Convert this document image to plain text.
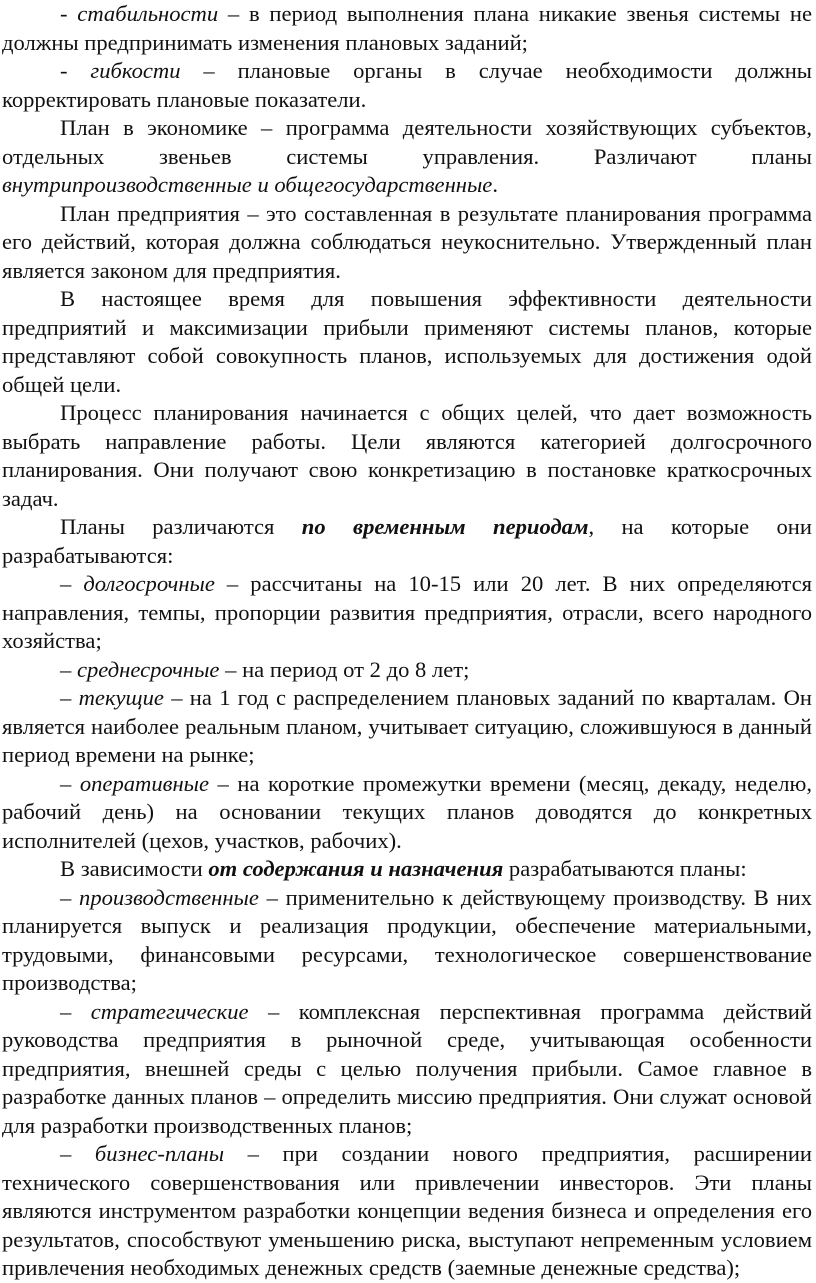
- стабильности – в период выполнения плана никакие звенья системы не должны предпринимать изменения плановых заданий;

- гибкости – плановые органы в случае необходимости должны корректировать плановые показатели.

План в экономике – программа деятельности хозяйствующих субъектов, отдельных звеньев системы управления. Различают планы внутрипроизводственные и общегосударственные.

План предприятия – это составленная в результате планирования программа его действий, которая должна соблюдаться неукоснительно. Утвержденный план является законом для предприятия.

В настоящее время для повышения эффективности деятельности предприятий и максимизации прибыли применяют системы планов, которые представляют собой совокупность планов, используемых для достижения одой общей цели.

Процесс планирования начинается с общих целей, что дает возможность выбрать направление работы. Цели являются категорией долгосрочного планирования. Они получают свою конкретизацию в постановке краткосрочных задач.

Планы различаются по временным периодам, на которые они разрабатываются:

– долгосрочные – рассчитаны на 10-15 или 20 лет. В них определяются направления, темпы, пропорции развития предприятия, отрасли, всего народного хозяйства;

– среднесрочные – на период от 2 до 8 лет;

– текущие – на 1 год с распределением плановых заданий по кварталам. Он является наиболее реальным планом, учитывает ситуацию, сложившуюся в данный период времени на рынке;

– оперативные – на короткие промежутки времени (месяц, декаду, неделю, рабочий день) на основании текущих планов доводятся до конкретных исполнителей (цехов, участков, рабочих).

В зависимости от содержания и назначения разрабатываются планы:

– производственные – применительно к действующему производству. В них планируется выпуск и реализация продукции, обеспечение материальными, трудовыми, финансовыми ресурсами, технологическое совершенствование производства;

– стратегические – комплексная перспективная программа действий руководства предприятия в рыночной среде, учитывающая особенности предприятия, внешней среды с целью получения прибыли. Самое главное в разработке данных планов – определить миссию предприятия. Они служат основой для разработки производственных планов;

– бизнес-планы – при создании нового предприятия, расширении технического совершенствования или привлечении инвесторов. Эти планы являются инструментом разработки концепции ведения бизнеса и определения его результатов, способствуют уменьшению риска, выступают непременным условием привлечения необходимых денежных средств (заемные денежные средства);
